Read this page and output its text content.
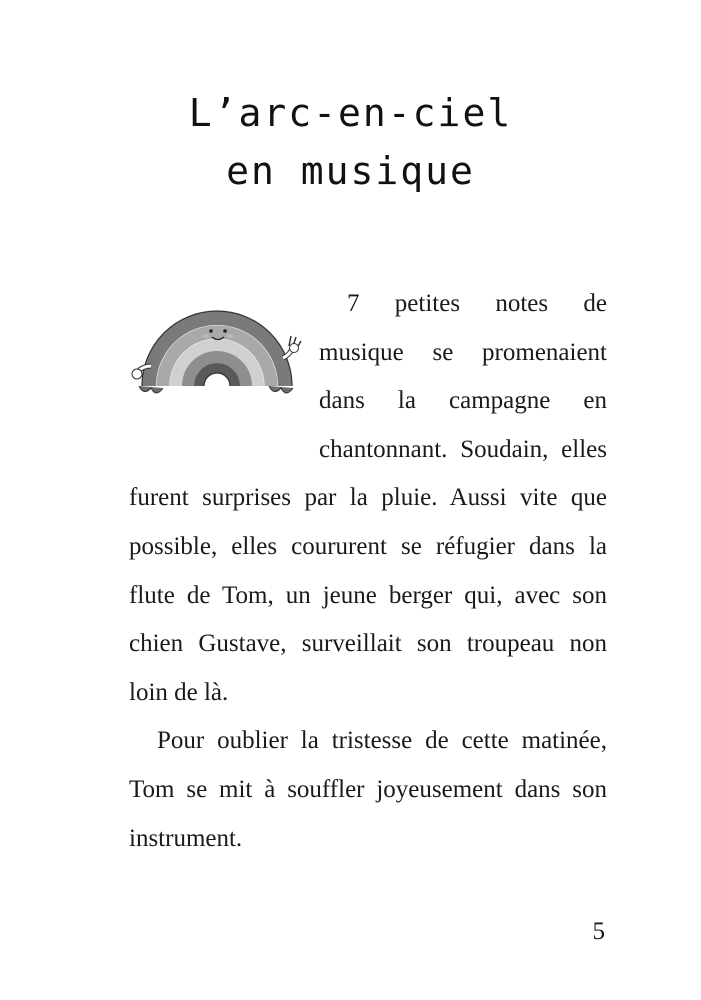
L’arc-en-ciel
en musique

7 petites notes de musique se promenaient dans la campagne en chantonnant. Soudain, elles furent surprises par la pluie. Aussi vite que possible, elles coururent se réfugier dans la flute de Tom, un jeune berger qui, avec son chien Gustave, surveillait son troupeau non loin de là.

Pour oublier la tristesse de cette matinée, Tom se mit à souffler joyeusement dans son instrument.

5
